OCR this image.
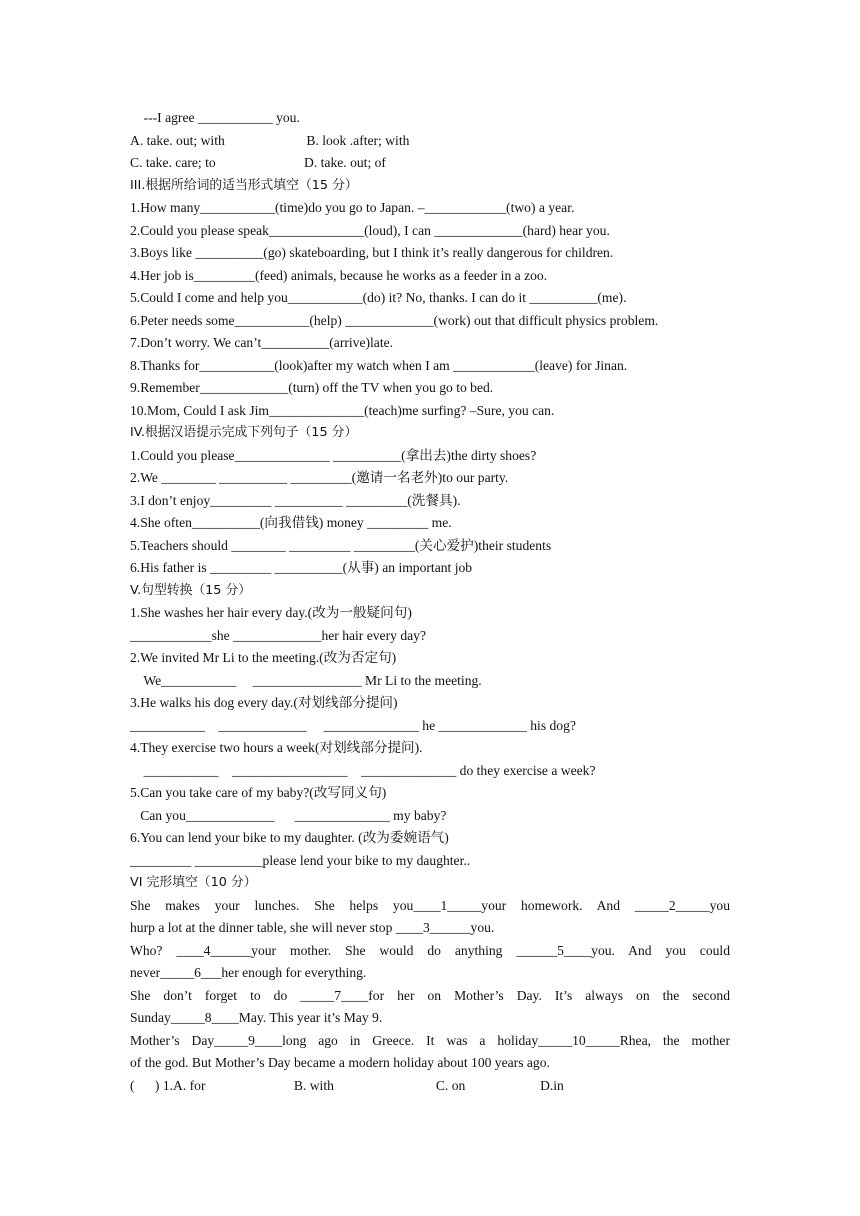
---I agree ___________ you.
A. take. out; with                        B. look .after; with
C. take. care; to                          D. take. out; of
III.根据所给词的适当形式填空（15 分）
1.How many___________(time)do you go to Japan. –____________(two) a year.
2.Could you please speak______________(loud), I can _____________(hard) hear you.
3.Boys like __________(go) skateboarding, but I think it’s really dangerous for children.
4.Her job is_________(feed) animals, because he works as a feeder in a zoo.
5.Could I come and help you___________(do) it? No, thanks. I can do it __________(me).
6.Peter needs some___________(help) _____________(work) out that difficult physics problem.
7.Don’t worry. We can’t__________(arrive)late.
8.Thanks for___________(look)after my watch when I am ____________(leave) for Jinan.
9.Remember_____________(turn) off the TV when you go to bed.
10.Mom, Could I ask Jim______________(teach)me surfing? –Sure, you can.
IV.根据汉语提示完成下列句子（15 分）
1.Could you please______________ __________(拿出去)the dirty shoes?
2.We ________ __________ _________(邀请一名老外)to our party.
3.I don’t enjoy_________ __________ _________(洗餐具).
4.She often__________(向我借钱) money _________ me.
5.Teachers should ________ _________ _________(关心爱护)their students
6.His father is _________ __________(从事) an important job
V.句型转换（15 分）
1.She washes her hair every day.(改为一般疑问句)
____________she _____________her hair every day?
2.We invited Mr Li to the meeting.(改为否定句)
We___________     ________________ Mr Li to the meeting.
3.He walks his dog every day.(对划线部分提问)
___________    _____________     ______________ he _____________ his dog?
4.They exercise two hours a week(对划线部分提问).
___________    _________________    ______________ do they exercise a week?
5.Can you take care of my baby?(改写同义句)
Can you_____________      ______________ my baby?
6.You can lend your bike to my daughter. (改为委婉语气)
_________ __________please lend your bike to my daughter..
VI 完形填空（10 分）
She makes your lunches. She helps you____1_____your homework. And _____2_____you
hurp a lot at the dinner table, she will never stop ____3______you.
Who? ____4______your mother. She would do anything ______5____you. And you could
never_____6___her enough for everything.
She don’t forget to do _____7____for her on Mother’s Day. It’s always on the second
Sunday_____8____May. This year it’s May 9.
Mother’s Day_____9____long ago in Greece. It was a holiday_____10_____Rhea, the mother
of the god. But Mother’s Day became a modern holiday about 100 years ago.
(      ) 1.A. for                          B. with                              C. on                      D.in
